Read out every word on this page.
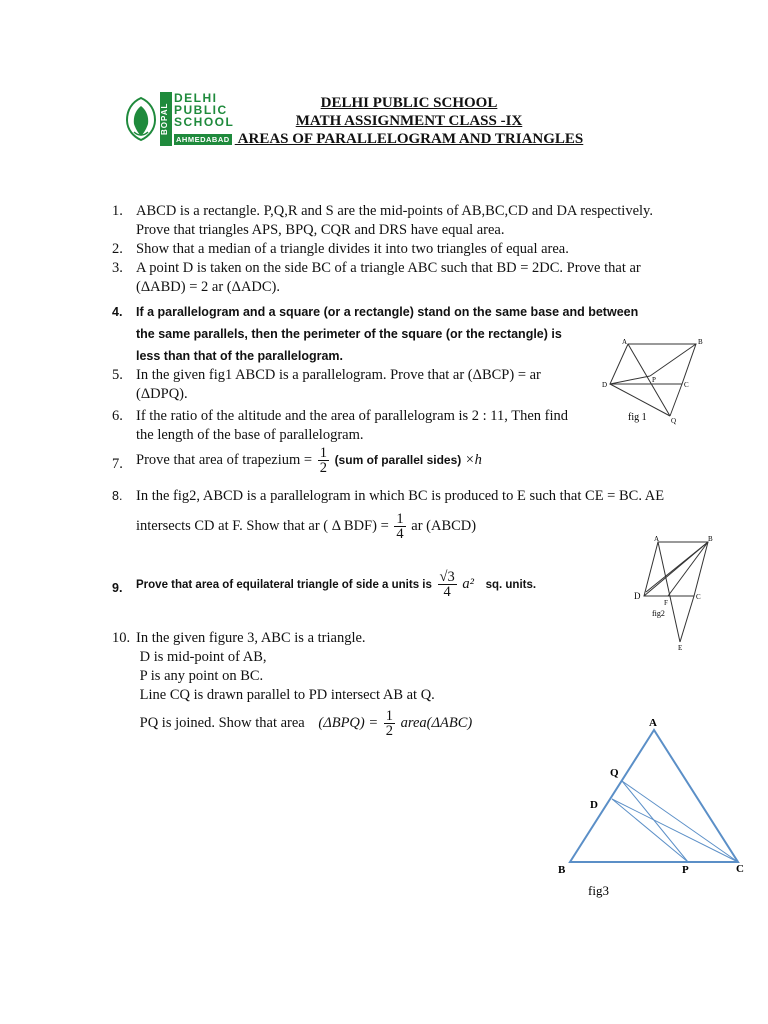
BOPAL
DELHI
PUBLIC
SCHOOL
AHMEDABAD
DELHI PUBLIC SCHOOL
MATH ASSIGNMENT CLASS -IX
AREAS OF PARALLELOGRAM AND TRIANGLES
1. ABCD is a rectangle. P,Q,R and S are the mid-points of AB,BC,CD and DA respectively.
Prove that triangles APS, BPQ, CQR and DRS have equal area.
2. Show that a median of a triangle divides it into two triangles of equal area.
3. A point D is taken on the side BC of a triangle ABC such that BD = 2DC. Prove that ar
(ΔABD) = 2 ar (ΔADC).
4. If a parallelogram and a square (or a rectangle) stand on the same base and between
the same parallels, then the perimeter of the square (or the rectangle) is
less than that of the parallelogram.
5. In the given fig1 ABCD is a parallelogram. Prove that ar (ΔBCP) = ar
(ΔDPQ).
6. If the ratio of the altitude and the area of parallelogram is 2 : 11, Then find
the length of the base of parallelogram.
7. Prove that area of trapezium = $\frac{1}{2} (sum$ of parallel sides) ×h
8. In the fig2, ABCD is a parallelogram in which BC is produced to E such that CE = BC. AE
intersects CD at F. Show that ar ( Δ $BDF) = \frac{1}{4}$ ar (ABCD)
9. Prove that area of equilateral triangle of side a units is $\frac{√3}{4} a^2$ sq. units.
10. In the given figure 3, ABC is a triangle.
D is mid-point of AB,
P is any point on BC.
Line CQ is drawn parallel to PD intersect AB at Q.
PQ is joined. Show that area $(\Delta BPQ) = \frac{1}{2}$ area(ΔABC)
A	B
C
D
P
Q
fig 1
A	B
C
D
F
E
fig2
A
Q
D
B	P	C
fig3
